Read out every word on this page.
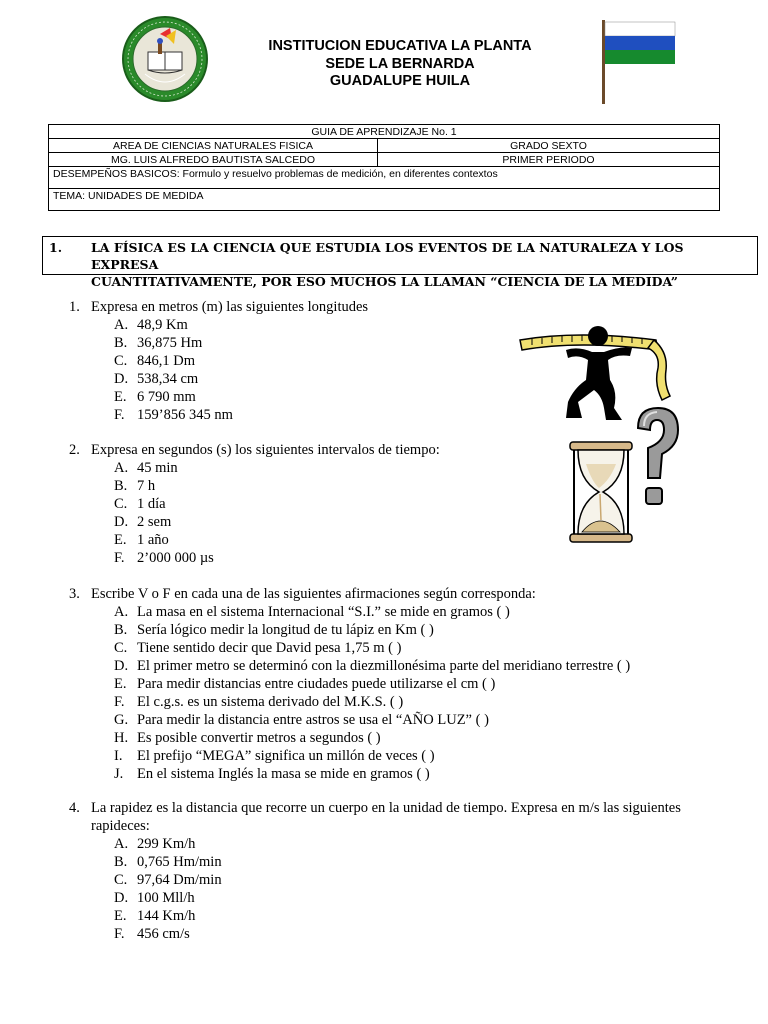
INSTITUCION EDUCATIVA LA PLANTA
SEDE LA BERNARDA
GUADALUPE HUILA
GUIA DE APRENDIZAJE No. 1	
AREA DE CIENCIAS NATURALES FISICA	GRADO SEXTO
MG. LUIS ALFREDO BAUTISTA SALCEDO	PRIMER PERIODO
DESEMPEÑOS BASICOS: Formulo y resuelvo problemas de medición, en diferentes contextos	
TEMA: UNIDADES DE MEDIDA	
1. LA FÍSICA ES LA CIENCIA QUE ESTUDIA LOS EVENTOS DE LA NATURALEZA Y LOS EXPRESA
CUANTITATIVAMENTE, POR ESO MUCHOS LA LLAMAN “CIENCIA DE LA MEDIDA”
1. Expresa en metros (m) las siguientes longitudes
A. 48,9 Km
B. 36,875 Hm
C. 846,1 Dm
D. 538,34 cm
E. 6 790 mm
F. 159’856 345 nm
2. Expresa en segundos (s) los siguientes intervalos de tiempo:
A. 45 min
B. 7 h
C. 1 día
D. 2 sem
E. 1 año
F. 2’000 000 µs
3. Escribe V o F en cada una de las siguientes afirmaciones según corresponda:
A. La masa en el sistema Internacional “S.I.” se mide en gramos ( )
B. Sería lógico medir la longitud de tu lápiz en Km ( )
C. Tiene sentido decir que David pesa 1,75 m ( )
D. El primer metro se determinó con la diezmillonésima parte del meridiano terrestre ( )
E. Para medir distancias entre ciudades puede utilizarse el cm ( )
F. El c.g.s. es un sistema derivado del M.K.S. ( )
G. Para medir la distancia entre astros se usa el “AÑO LUZ” ( )
H. Es posible convertir metros a segundos ( )
I. El prefijo “MEGA” significa un millón de veces ( )
J. En el sistema Inglés la masa se mide en gramos ( )
4. La rapidez es la distancia que recorre un cuerpo en la unidad de tiempo. Expresa en m/s las siguientes rapideces:
A. 299 Km/h
B. 0,765 Hm/min
C. 97,64 Dm/min
D. 100 Mll/h
E. 144 Km/h
F. 456 cm/s
